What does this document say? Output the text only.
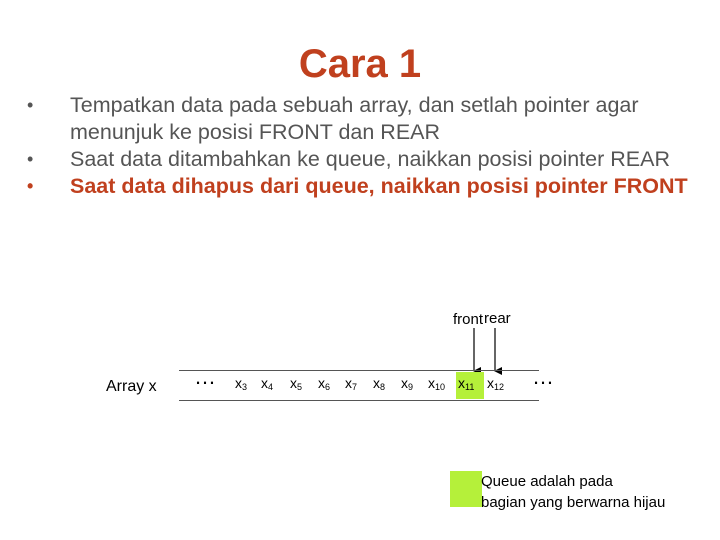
Cara 1
• Tempatkan data pada sebuah array, dan setlah pointer agar menunjuk ke posisi FRONT dan REAR
• Saat data ditambahkan ke queue, naikkan posisi pointer REAR
• Saat data dihapus dari queue, naikkan posisi pointer FRONT
front rear
Array x …	…
$x_3$ $x_4$ $x_5$ $x_6$ $x_7$ $x_8$ $x_9$ $x_{10}$ $x_{11}$ $x_{12}$
Queue adalah pada
bagian yang berwarna hijau
